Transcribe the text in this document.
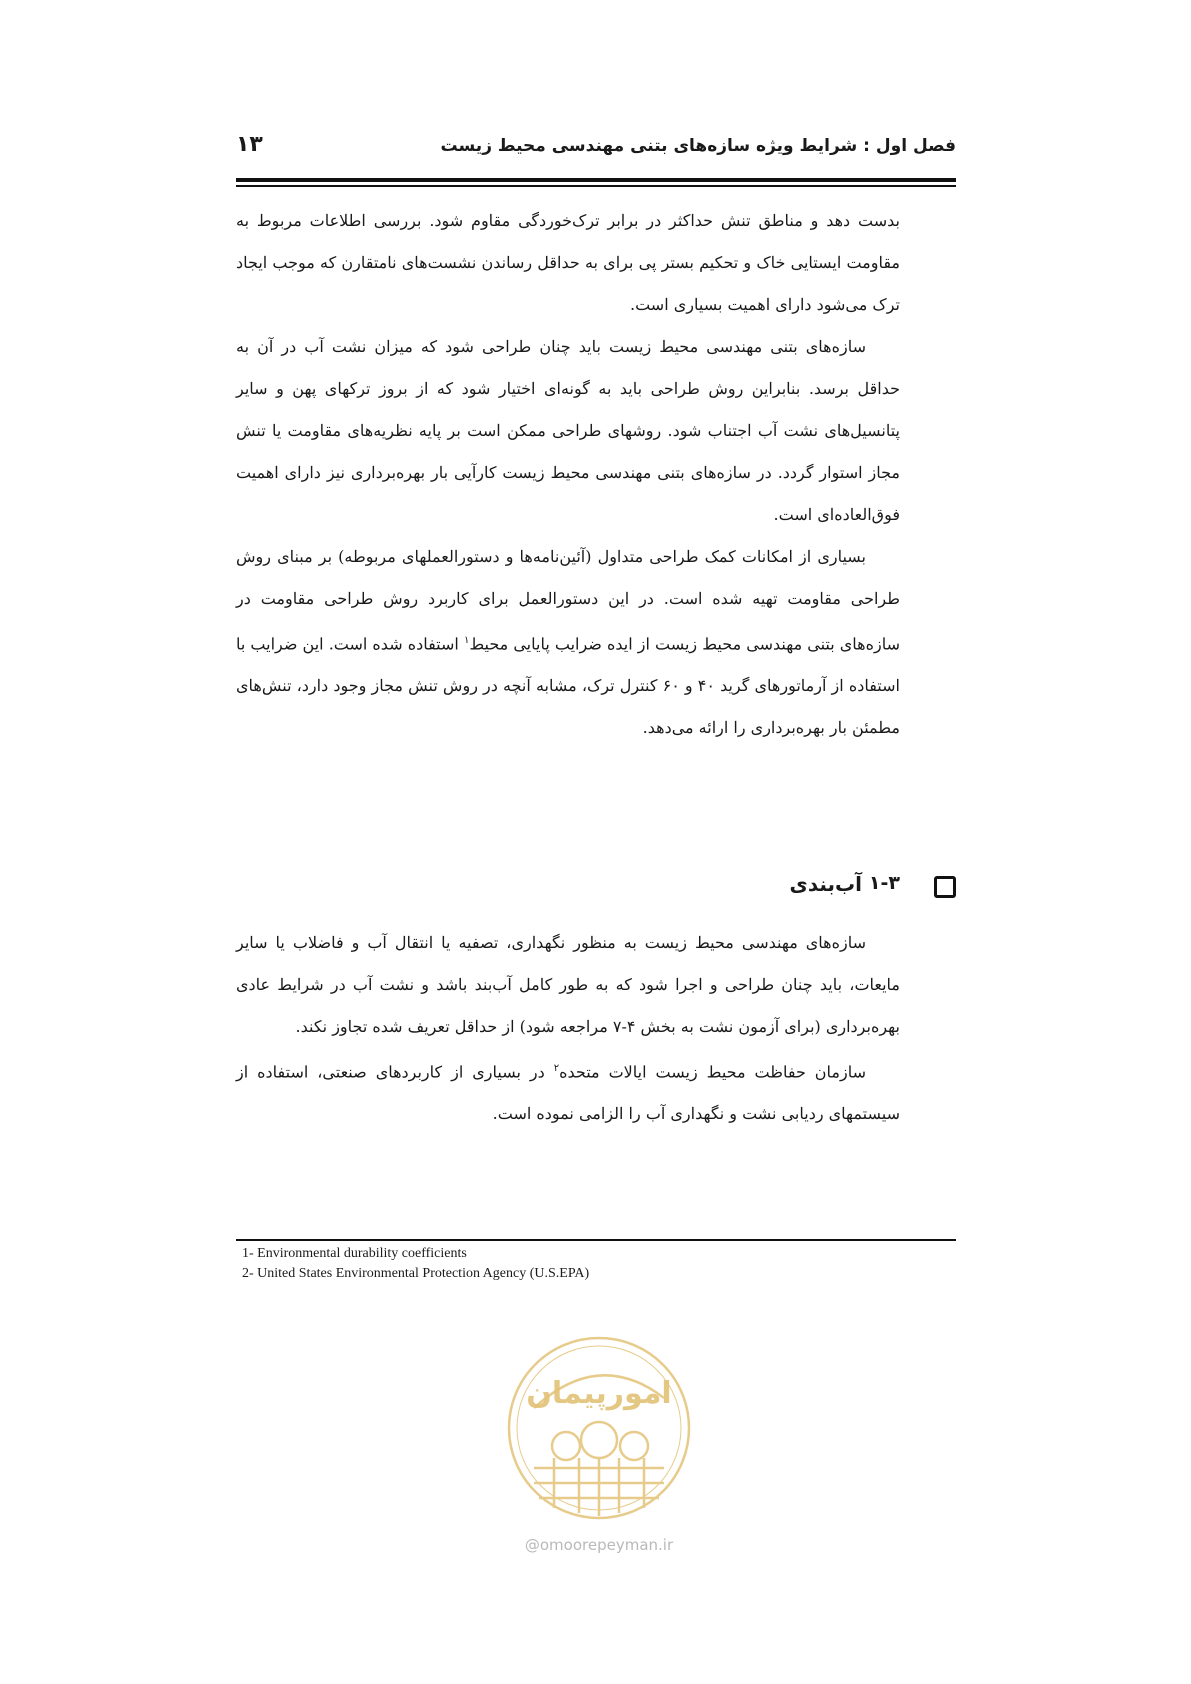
فصل اول : شرایط ویژه سازه‌های بتنی مهندسی محیط زیست
۱۳

بدست دهد و مناطق تنش حداکثر در برابر ترک‌خوردگی مقاوم شود. بررسی اطلاعات مربوط به مقاومت ایستایی خاک و تحکیم بستر پی برای به حداقل رساندن نشست‌های نامتقارن که موجب ایجاد ترک می‌شود دارای اهمیت بسیاری است.

سازه‌های بتنی مهندسی محیط زیست باید چنان طراحی شود که میزان نشت آب در آن به حداقل برسد. بنابراین روش طراحی باید به گونه‌ای اختیار شود که از بروز ترکهای پهن و سایر پتانسیل‌های نشت آب اجتناب شود. روشهای طراحی ممکن است بر پایه نظریه‌های مقاومت یا تنش مجاز استوار گردد. در سازه‌های بتنی مهندسی محیط زیست کارآیی بار بهره‌برداری نیز دارای اهمیت فوق‌العاده‌ای است.

بسیاری از امکانات کمک طراحی متداول (آئین‌نامه‌ها و دستورالعملهای مربوطه) بر مبنای روش طراحی مقاومت تهیه شده است. در این دستورالعمل برای کاربرد روش طراحی مقاومت در سازه‌های بتنی مهندسی محیط زیست از ایده ضرایب پایایی محیط$^۱$ استفاده شده است. این ضرایب با استفاده از آرماتورهای گرید ۴۰ و ۶۰ کنترل ترک، مشابه آنچه در روش تنش مجاز وجود دارد، تنش‌های مطمئن بار بهره‌برداری را ارائه می‌دهد.

۱-۳
آب‌بندی

سازه‌های مهندسی محیط زیست به منظور نگهداری، تصفیه یا انتقال آب و فاضلاب یا سایر مایعات، باید چنان طراحی و اجرا شود که به طور کامل آب‌بند باشد و نشت آب در شرایط عادی بهره‌برداری (برای آزمون نشت به بخش ۴-۷ مراجعه شود) از حداقل تعریف شده تجاوز نکند.

سازمان حفاظت محیط زیست ایالات متحده$^۲$ در بسیاری از کاربردهای صنعتی، استفاده از سیستمهای ردیابی نشت و نگهداری آب را الزامی نموده است.

1- Environmental durability coefficients
2- United States Environmental Protection Agency (U.S.EPA)
امورپیمان
@omoorepeyman.ir
